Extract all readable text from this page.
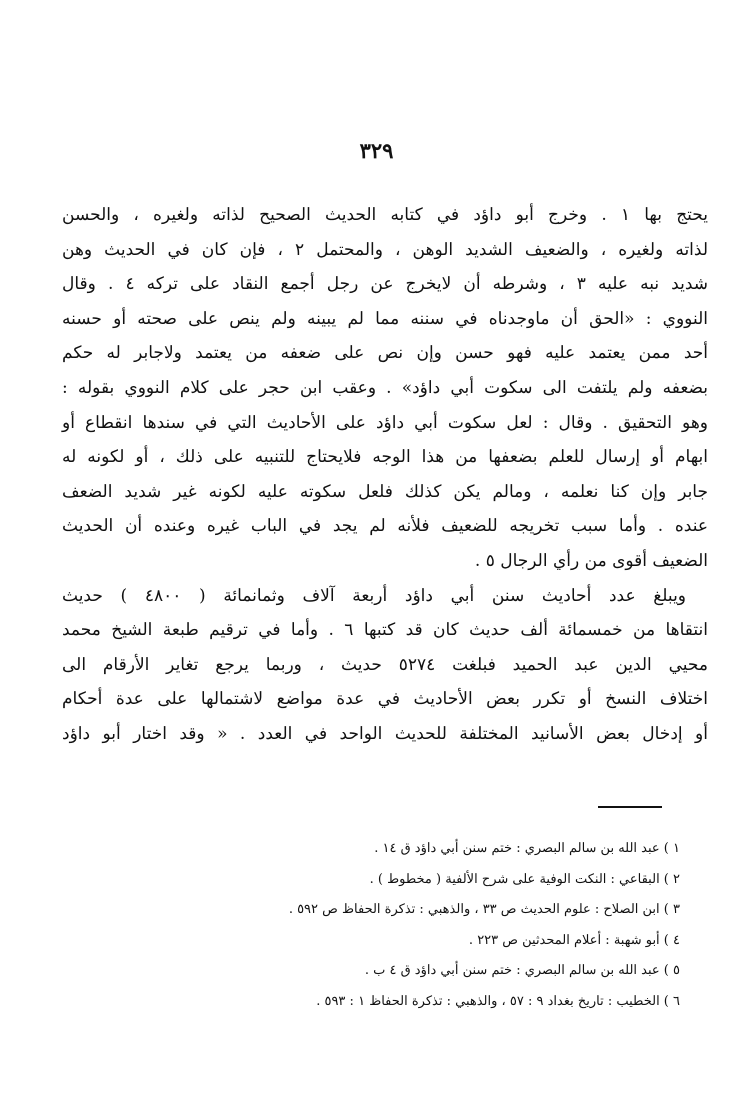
٣٢٩
يحتج بها ١ . وخرج أبو داؤد في كتابه الحديث الصحيح لذاته ولغيره ، والحسن
لذاته ولغيره ، والضعيف الشديد الوهن ، والمحتمل ٢ ، فإن كان في الحديث وهن
شديد نبه عليه ٣ ، وشرطه أن لايخرج عن رجل أجمع النقاد على تركه ٤ . وقال
النووي : «الحق أن ماوجدناه في سننه مما لم يبينه ولم ينص على صحته أو حسنه
أحد ممن يعتمد عليه فهو حسن وإن نص على ضعفه من يعتمد ولاجابر له حكم
بضعفه ولم يلتفت الى سكوت أبي داؤد» . وعقب ابن حجر على كلام النووي بقوله :
وهو التحقيق . وقال : لعل سكوت أبي داؤد على الأحاديث التي في سندها انقطاع أو
ابهام أو إرسال للعلم بضعفها من هذا الوجه فلايحتاج للتنبيه على ذلك ، أو لكونه له
جابر وإن كنا نعلمه ، ومالم يكن كذلك فلعل سكوته عليه لكونه غير شديد الضعف
عنده . وأما سبب تخريجه للضعيف فلأنه لم يجد في الباب غيره وعنده أن الحديث
الضعيف أقوى من رأي الرجال ٥ .
ويبلغ عدد أحاديث سنن أبي داؤد أربعة آلاف وثمانمائة ( ٤٨٠٠ ) حديث
انتقاها من خمسمائة ألف حديث كان قد كتبها ٦ . وأما في ترقيم طبعة الشيخ محمد
محيي الدين عبد الحميد فبلغت ٥٢٧٤ حديث ، وربما يرجع تغاير الأرقام الى
اختلاف النسخ أو تكرر بعض الأحاديث في عدة مواضع لاشتمالها على عدة أحكام
أو إدخال بعض الأسانيد المختلفة للحديث الواحد في العدد . « وقد اختار أبو داؤد
١ ) عبد الله بن سالم البصري : ختم سنن أبي داؤد ق ١٤ .
٢ ) البقاعي : النكت الوفية على شرح الألفية ( مخطوط ) .
٣ ) ابن الصلاح : علوم الحديث ص ٣٣ ، والذهبي : تذكرة الحفاظ ص ٥٩٢ .
٤ ) أبو شهبة : أعلام المحدثين ص ٢٢٣ .
٥ ) عبد الله بن سالم البصري : ختم سنن أبي داؤد ق ٤ ب .
٦ ) الخطيب : تاريخ بغداد ٩ : ٥٧ ، والذهبي : تذكرة الحفاظ ١ : ٥٩٣ .
